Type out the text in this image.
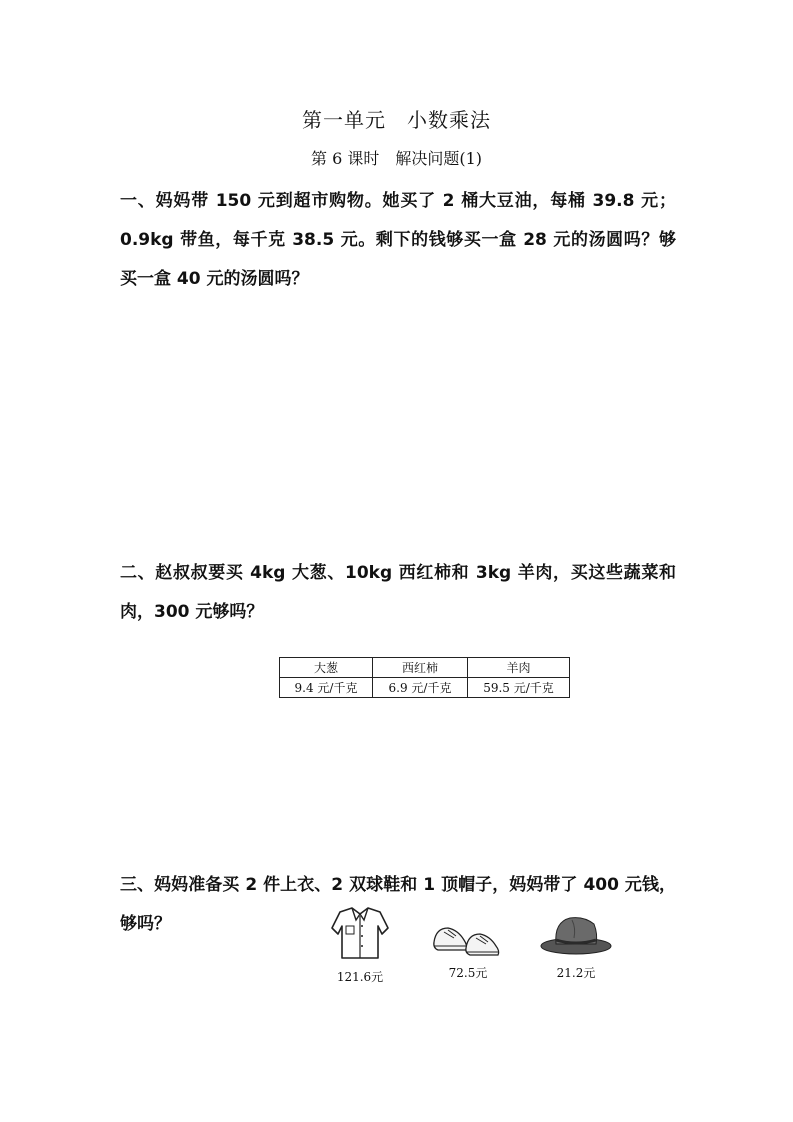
第一单元　小数乘法
第 6 课时　解决问题(1)

一、妈妈带 150 元到超市购物。她买了 2 桶大豆油，每桶 39.8 元；0.9kg 带鱼，每千克 38.5 元。剩下的钱够买一盒 28 元的汤圆吗？够买一盒 40 元的汤圆吗？

二、赵叔叔要买 4kg 大葱、10kg 西红柿和 3kg 羊肉，买这些蔬菜和肉，300 元够吗？

大葱	西红柿	羊肉
9.4 元/千克	6.9 元/千克	59.5 元/千克

三、妈妈准备买 2 件上衣、2 双球鞋和 1 顶帽子，妈妈带了 400 元钱，够吗？

121.6元	72.5元	21.2元
